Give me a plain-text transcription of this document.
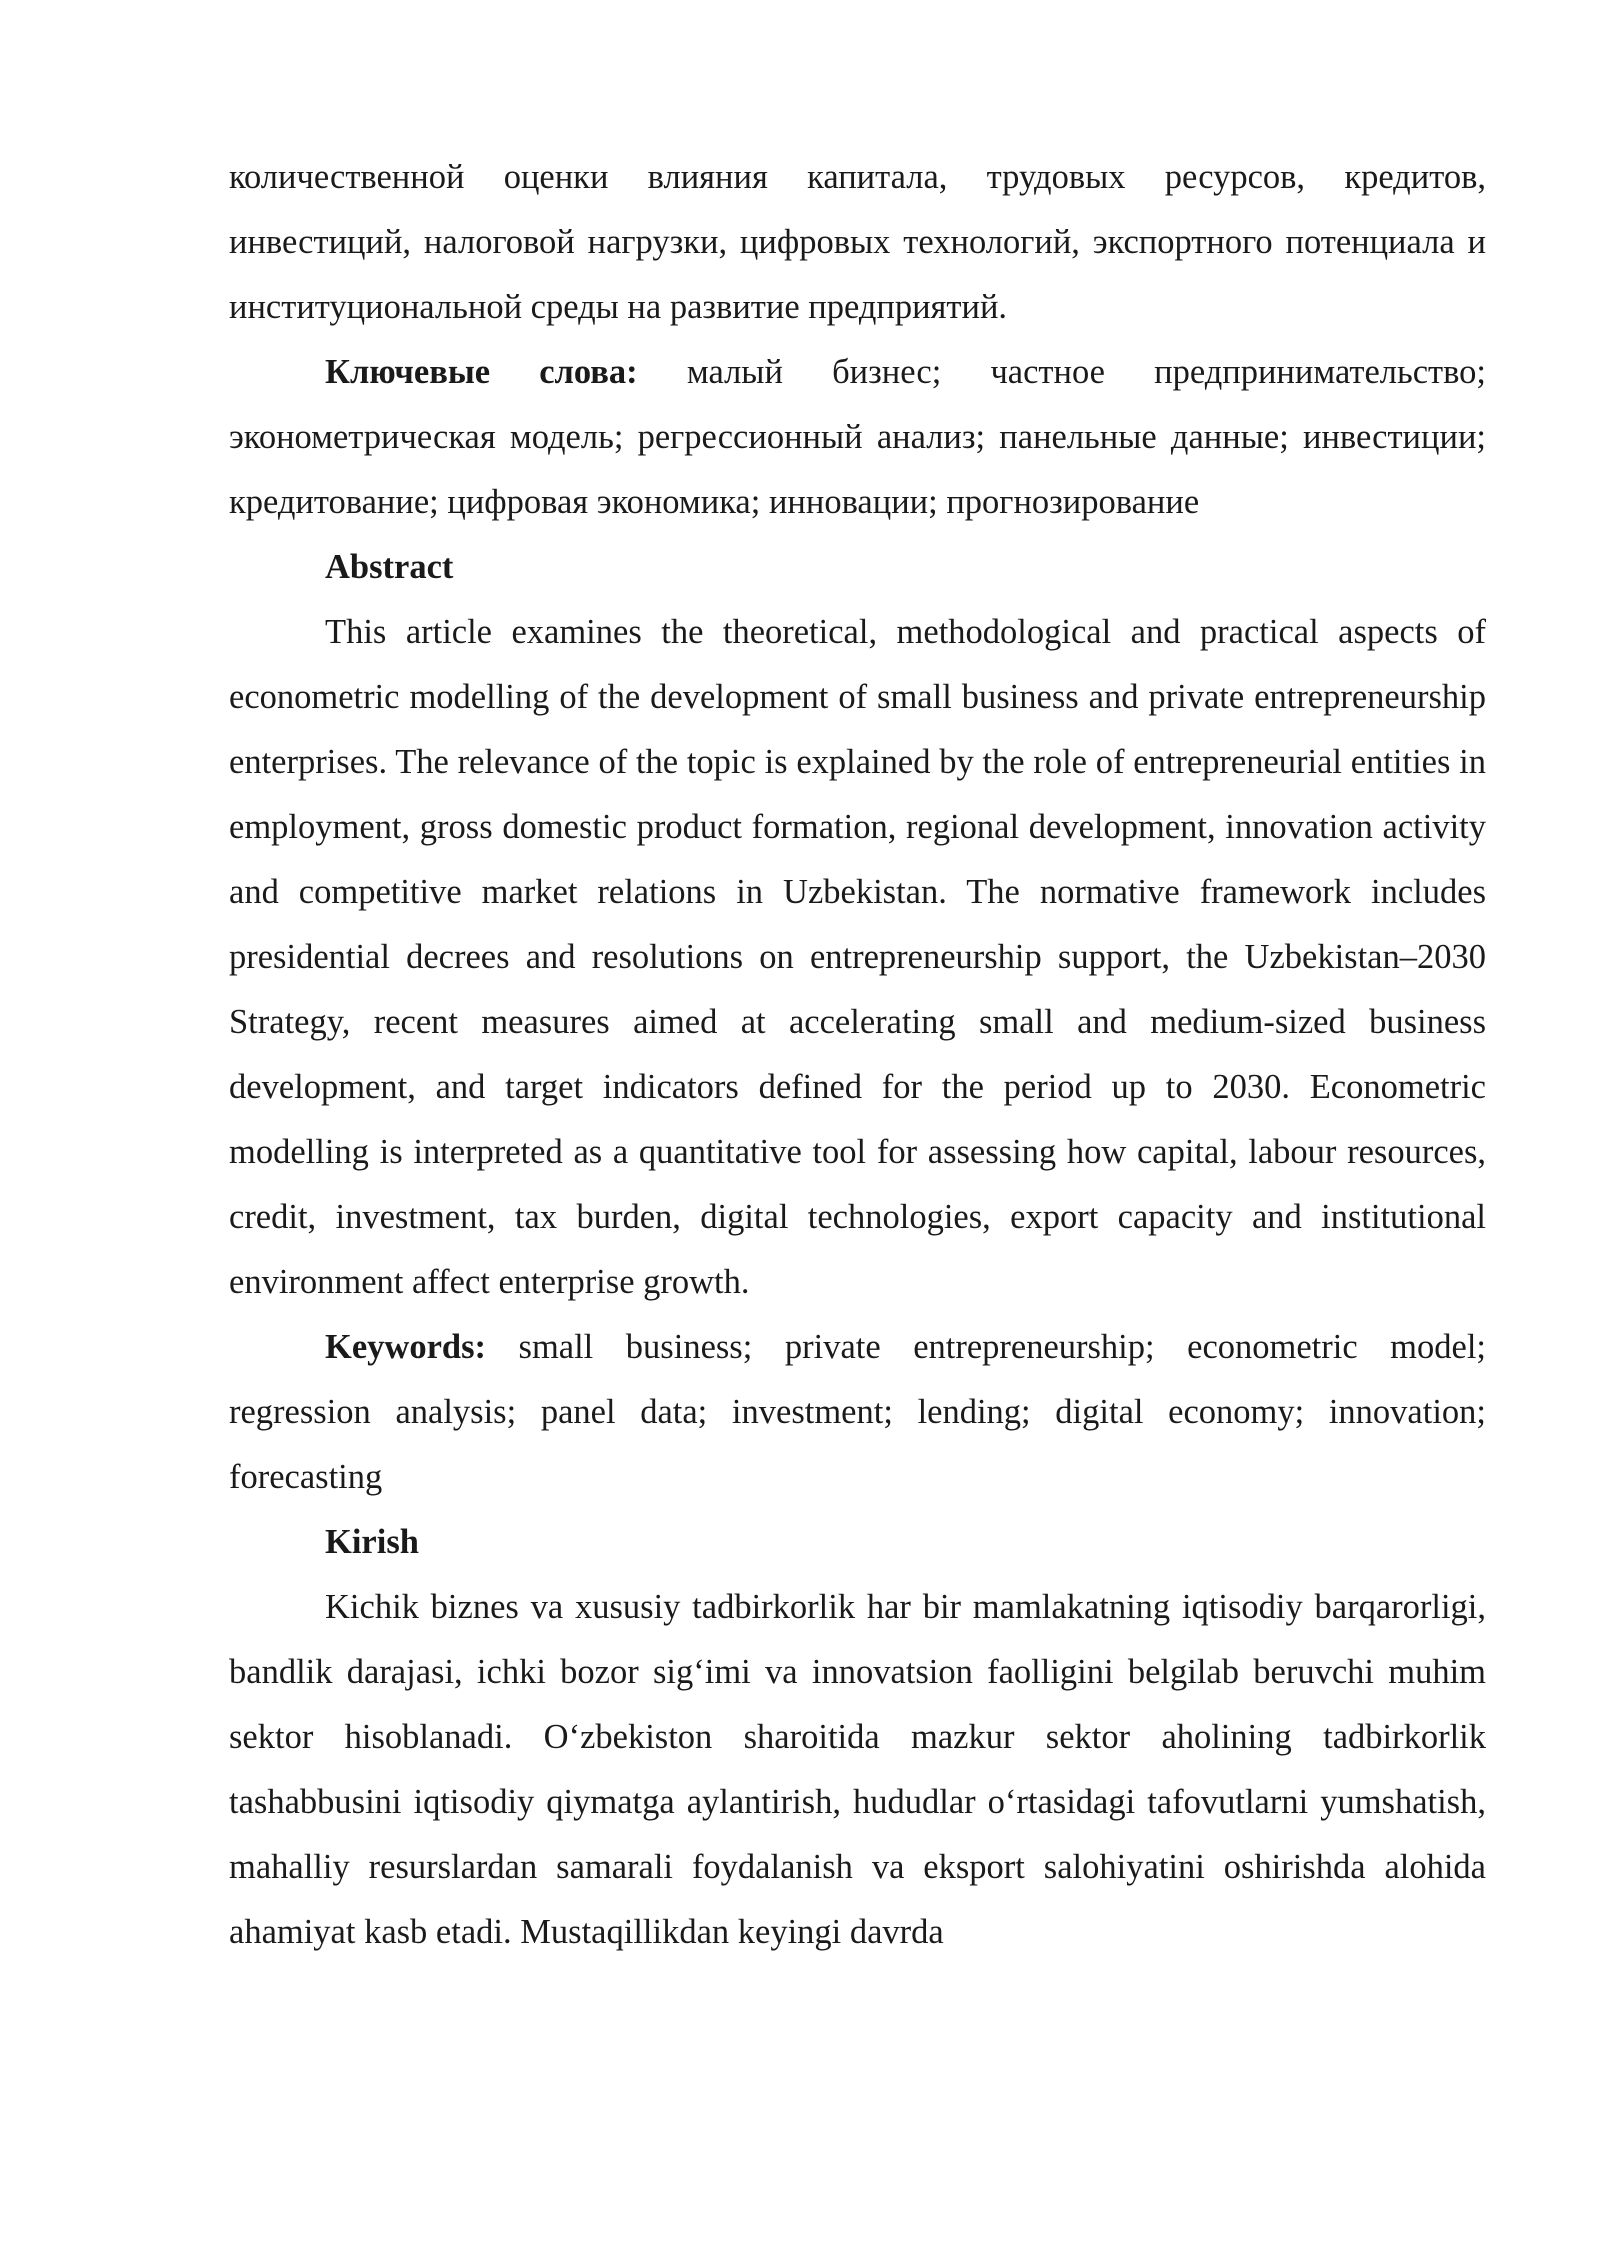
количественной оценки влияния капитала, трудовых ресурсов, кредитов, инвестиций, налоговой нагрузки, цифровых технологий, экспортного потенциала и институциональной среды на развитие предприятий.

Ключевые слова: малый бизнес; частное предпринимательство; эконометрическая модель; регрессионный анализ; панельные данные; инвестиции; кредитование; цифровая экономика; инновации; прогнозирование

Abstract

This article examines the theoretical, methodological and practical aspects of econometric modelling of the development of small business and private entrepreneurship enterprises. The relevance of the topic is explained by the role of entrepreneurial entities in employment, gross domestic product formation, regional development, innovation activity and competitive market relations in Uzbekistan. The normative framework includes presidential decrees and resolutions on entrepreneurship support, the Uzbekistan–2030 Strategy, recent measures aimed at accelerating small and medium-sized business development, and target indicators defined for the period up to 2030. Econometric modelling is interpreted as a quantitative tool for assessing how capital, labour resources, credit, investment, tax burden, digital technologies, export capacity and institutional environment affect enterprise growth.

Keywords: small business; private entrepreneurship; econometric model; regression analysis; panel data; investment; lending; digital economy; innovation; forecasting

Kirish

Kichik biznes va xususiy tadbirkorlik har bir mamlakatning iqtisodiy barqarorligi, bandlik darajasi, ichki bozor sig‘imi va innovatsion faolligini belgilab beruvchi muhim sektor hisoblanadi. O‘zbekiston sharoitida mazkur sektor aholining tadbirkorlik tashabbusini iqtisodiy qiymatga aylantirish, hududlar o‘rtasidagi tafovutlarni yumshatish, mahalliy resurslardan samarali foydalanish va eksport salohiyatini oshirishda alohida ahamiyat kasb etadi. Mustaqillikdan keyingi davrda
